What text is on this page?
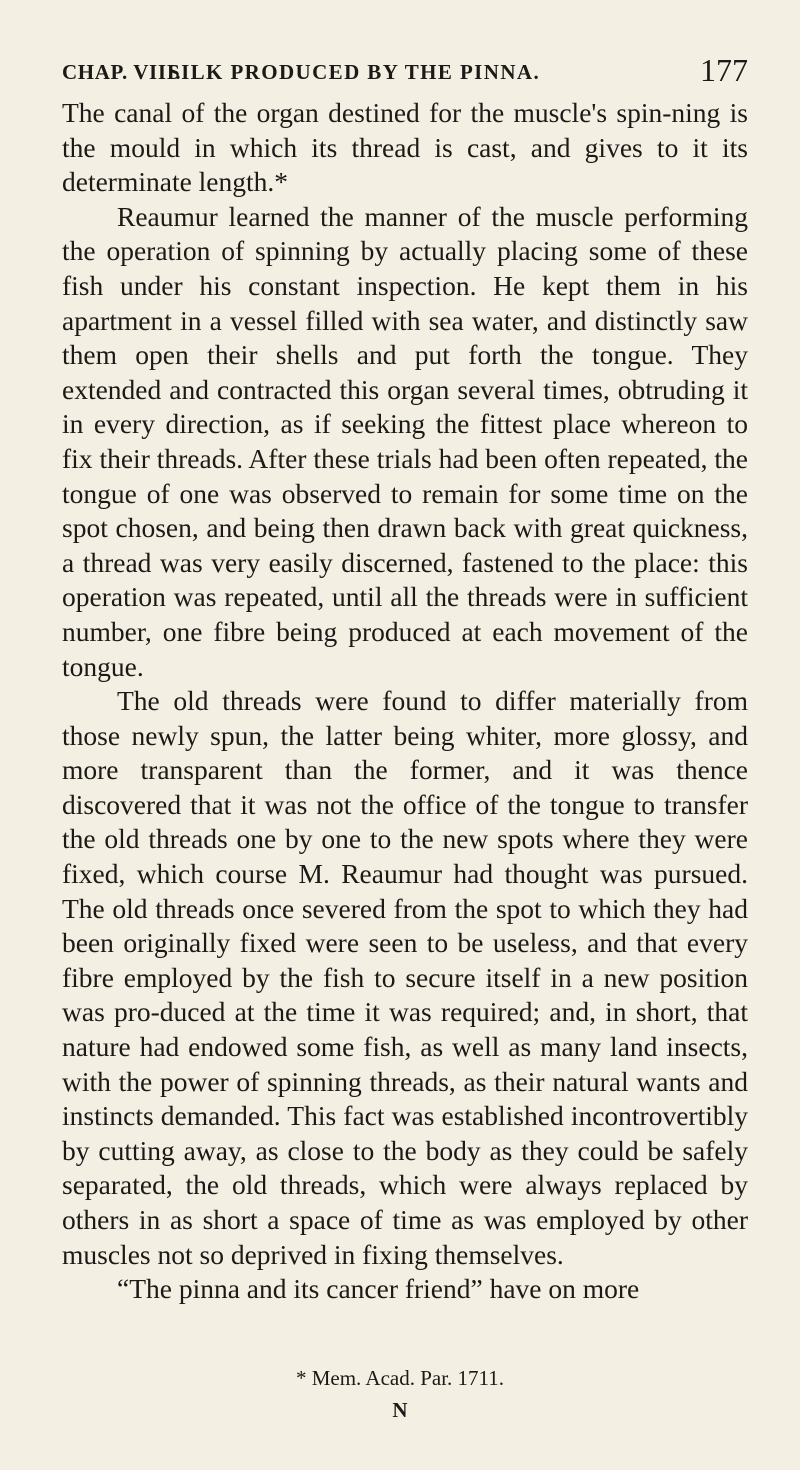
CHAP. VIII.
SILK PRODUCED BY THE PINNA.	177

The canal of the organ destined for the muscle's spin-ning is the mould in which its thread is cast, and gives to it its determinate length.*

Reaumur learned the manner of the muscle performing the operation of spinning by actually placing some of these fish under his constant inspection. He kept them in his apartment in a vessel filled with sea water, and distinctly saw them open their shells and put forth the tongue. They extended and contracted this organ several times, obtruding it in every direction, as if seeking the fittest place whereon to fix their threads. After these trials had been often repeated, the tongue of one was observed to remain for some time on the spot chosen, and being then drawn back with great quickness, a thread was very easily discerned, fastened to the place: this operation was repeated, until all the threads were in sufficient number, one fibre being produced at each movement of the tongue.

The old threads were found to differ materially from those newly spun, the latter being whiter, more glossy, and more transparent than the former, and it was thence discovered that it was not the office of the tongue to transfer the old threads one by one to the new spots where they were fixed, which course M. Reaumur had thought was pursued. The old threads once severed from the spot to which they had been originally fixed were seen to be useless, and that every fibre employed by the fish to secure itself in a new position was pro-duced at the time it was required; and, in short, that nature had endowed some fish, as well as many land insects, with the power of spinning threads, as their natural wants and instincts demanded. This fact was established incontrovertibly by cutting away, as close to the body as they could be safely separated, the old threads, which were always replaced by others in as short a space of time as was employed by other muscles not so deprived in fixing themselves.

“The pinna and its cancer friend” have on more

* Mem. Acad. Par. 1711.
N
